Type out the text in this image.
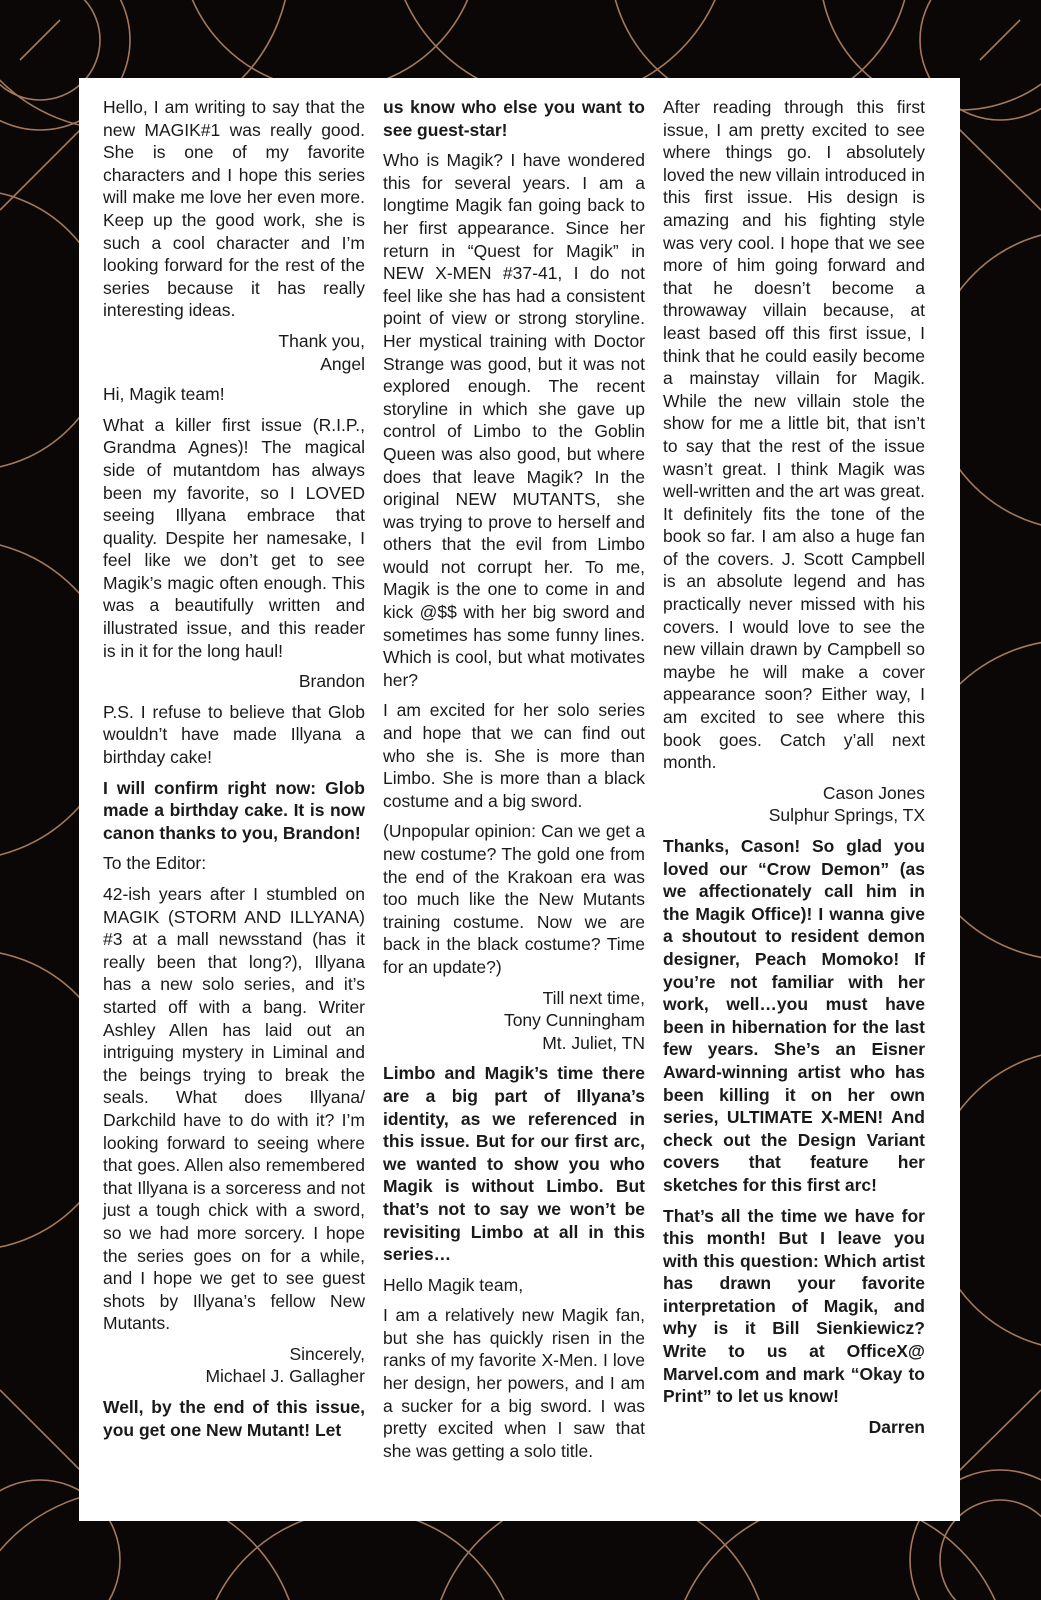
Hello, I am writing to say that the new MAGIK#1 was really good. She is one of my favorite characters and I hope this series will make me love her even more. Keep up the good work, she is such a cool character and I’m looking forward for the rest of the series because it has really interesting ideas.

Thank you,
Angel

Hi, Magik team!

What a killer first issue (R.I.P., Grandma Agnes)! The magical side of mutantdom has always been my favorite, so I LOVED seeing Illyana embrace that quality. Despite her namesake, I feel like we don’t get to see Magik’s magic often enough. This was a beautifully written and illustrated issue, and this reader is in it for the long haul!

Brandon

P.S. I refuse to believe that Glob wouldn’t have made Illyana a birthday cake!

I will confirm right now: Glob made a birthday cake. It is now canon thanks to you, Brandon!

To the Editor:

42-ish years after I stumbled on MAGIK (STORM AND ILLYANA) #3 at a mall newsstand (has it really been that long?), Illyana has a new solo series, and it’s started off with a bang. Writer Ashley Allen has laid out an intriguing mystery in Liminal and the beings trying to break the seals. What does Illyana/ Darkchild have to do with it? I’m looking forward to seeing where that goes. Allen also remembered that Illyana is a sorceress and not just a tough chick with a sword, so we had more sorcery. I hope the series goes on for a while, and I hope we get to see guest shots by Illyana’s fellow New Mutants.

Sincerely,
Michael J. Gallagher

Well, by the end of this issue, you get one New Mutant! Let

us know who else you want to see guest-star!

Who is Magik? I have wondered this for several years. I am a longtime Magik fan going back to her first appearance. Since her return in “Quest for Magik” in NEW X-MEN #37-41, I do not feel like she has had a consistent point of view or strong storyline. Her mystical training with Doctor Strange was good, but it was not explored enough. The recent storyline in which she gave up control of Limbo to the Goblin Queen was also good, but where does that leave Magik? In the original NEW MUTANTS, she was trying to prove to herself and others that the evil from Limbo would not corrupt her. To me, Magik is the one to come in and kick @$$ with her big sword and sometimes has some funny lines. Which is cool, but what motivates her?

I am excited for her solo series and hope that we can find out who she is. She is more than Limbo. She is more than a black costume and a big sword.

(Unpopular opinion: Can we get a new costume? The gold one from the end of the Krakoan era was too much like the New Mutants training costume. Now we are back in the black costume? Time for an update?)

Till next time,
Tony Cunningham
Mt. Juliet, TN

Limbo and Magik’s time there are a big part of Illyana’s identity, as we referenced in this issue. But for our first arc, we wanted to show you who Magik is without Limbo. But that’s not to say we won’t be revisiting Limbo at all in this series…

Hello Magik team,

I am a relatively new Magik fan, but she has quickly risen in the ranks of my favorite X-Men. I love her design, her powers, and I am a sucker for a big sword. I was pretty excited when I saw that she was getting a solo title.

After reading through this first issue, I am pretty excited to see where things go. I absolutely loved the new villain introduced in this first issue. His design is amazing and his fighting style was very cool. I hope that we see more of him going forward and that he doesn’t become a throwaway villain because, at least based off this first issue, I think that he could easily become a mainstay villain for Magik. While the new villain stole the show for me a little bit, that isn’t to say that the rest of the issue wasn’t great. I think Magik was well-written and the art was great. It definitely fits the tone of the book so far. I am also a huge fan of the covers. J. Scott Campbell is an absolute legend and has practically never missed with his covers. I would love to see the new villain drawn by Campbell so maybe he will make a cover appearance soon? Either way, I am excited to see where this book goes. Catch y’all next month.

Cason Jones
Sulphur Springs, TX

Thanks, Cason! So glad you loved our “Crow Demon” (as we affectionately call him in the Magik Office)! I wanna give a shoutout to resident demon designer, Peach Momoko! If you’re not familiar with her work, well…you must have been in hibernation for the last few years. She’s an Eisner Award-winning artist who has been killing it on her own series, ULTIMATE X-MEN! And check out the Design Variant covers that feature her sketches for this first arc!

That’s all the time we have for this month! But I leave you with this question: Which artist has drawn your favorite interpretation of Magik, and why is it Bill Sienkiewicz? Write to us at OfficeX@ Marvel.com and mark “Okay to Print” to let us know!

Darren
